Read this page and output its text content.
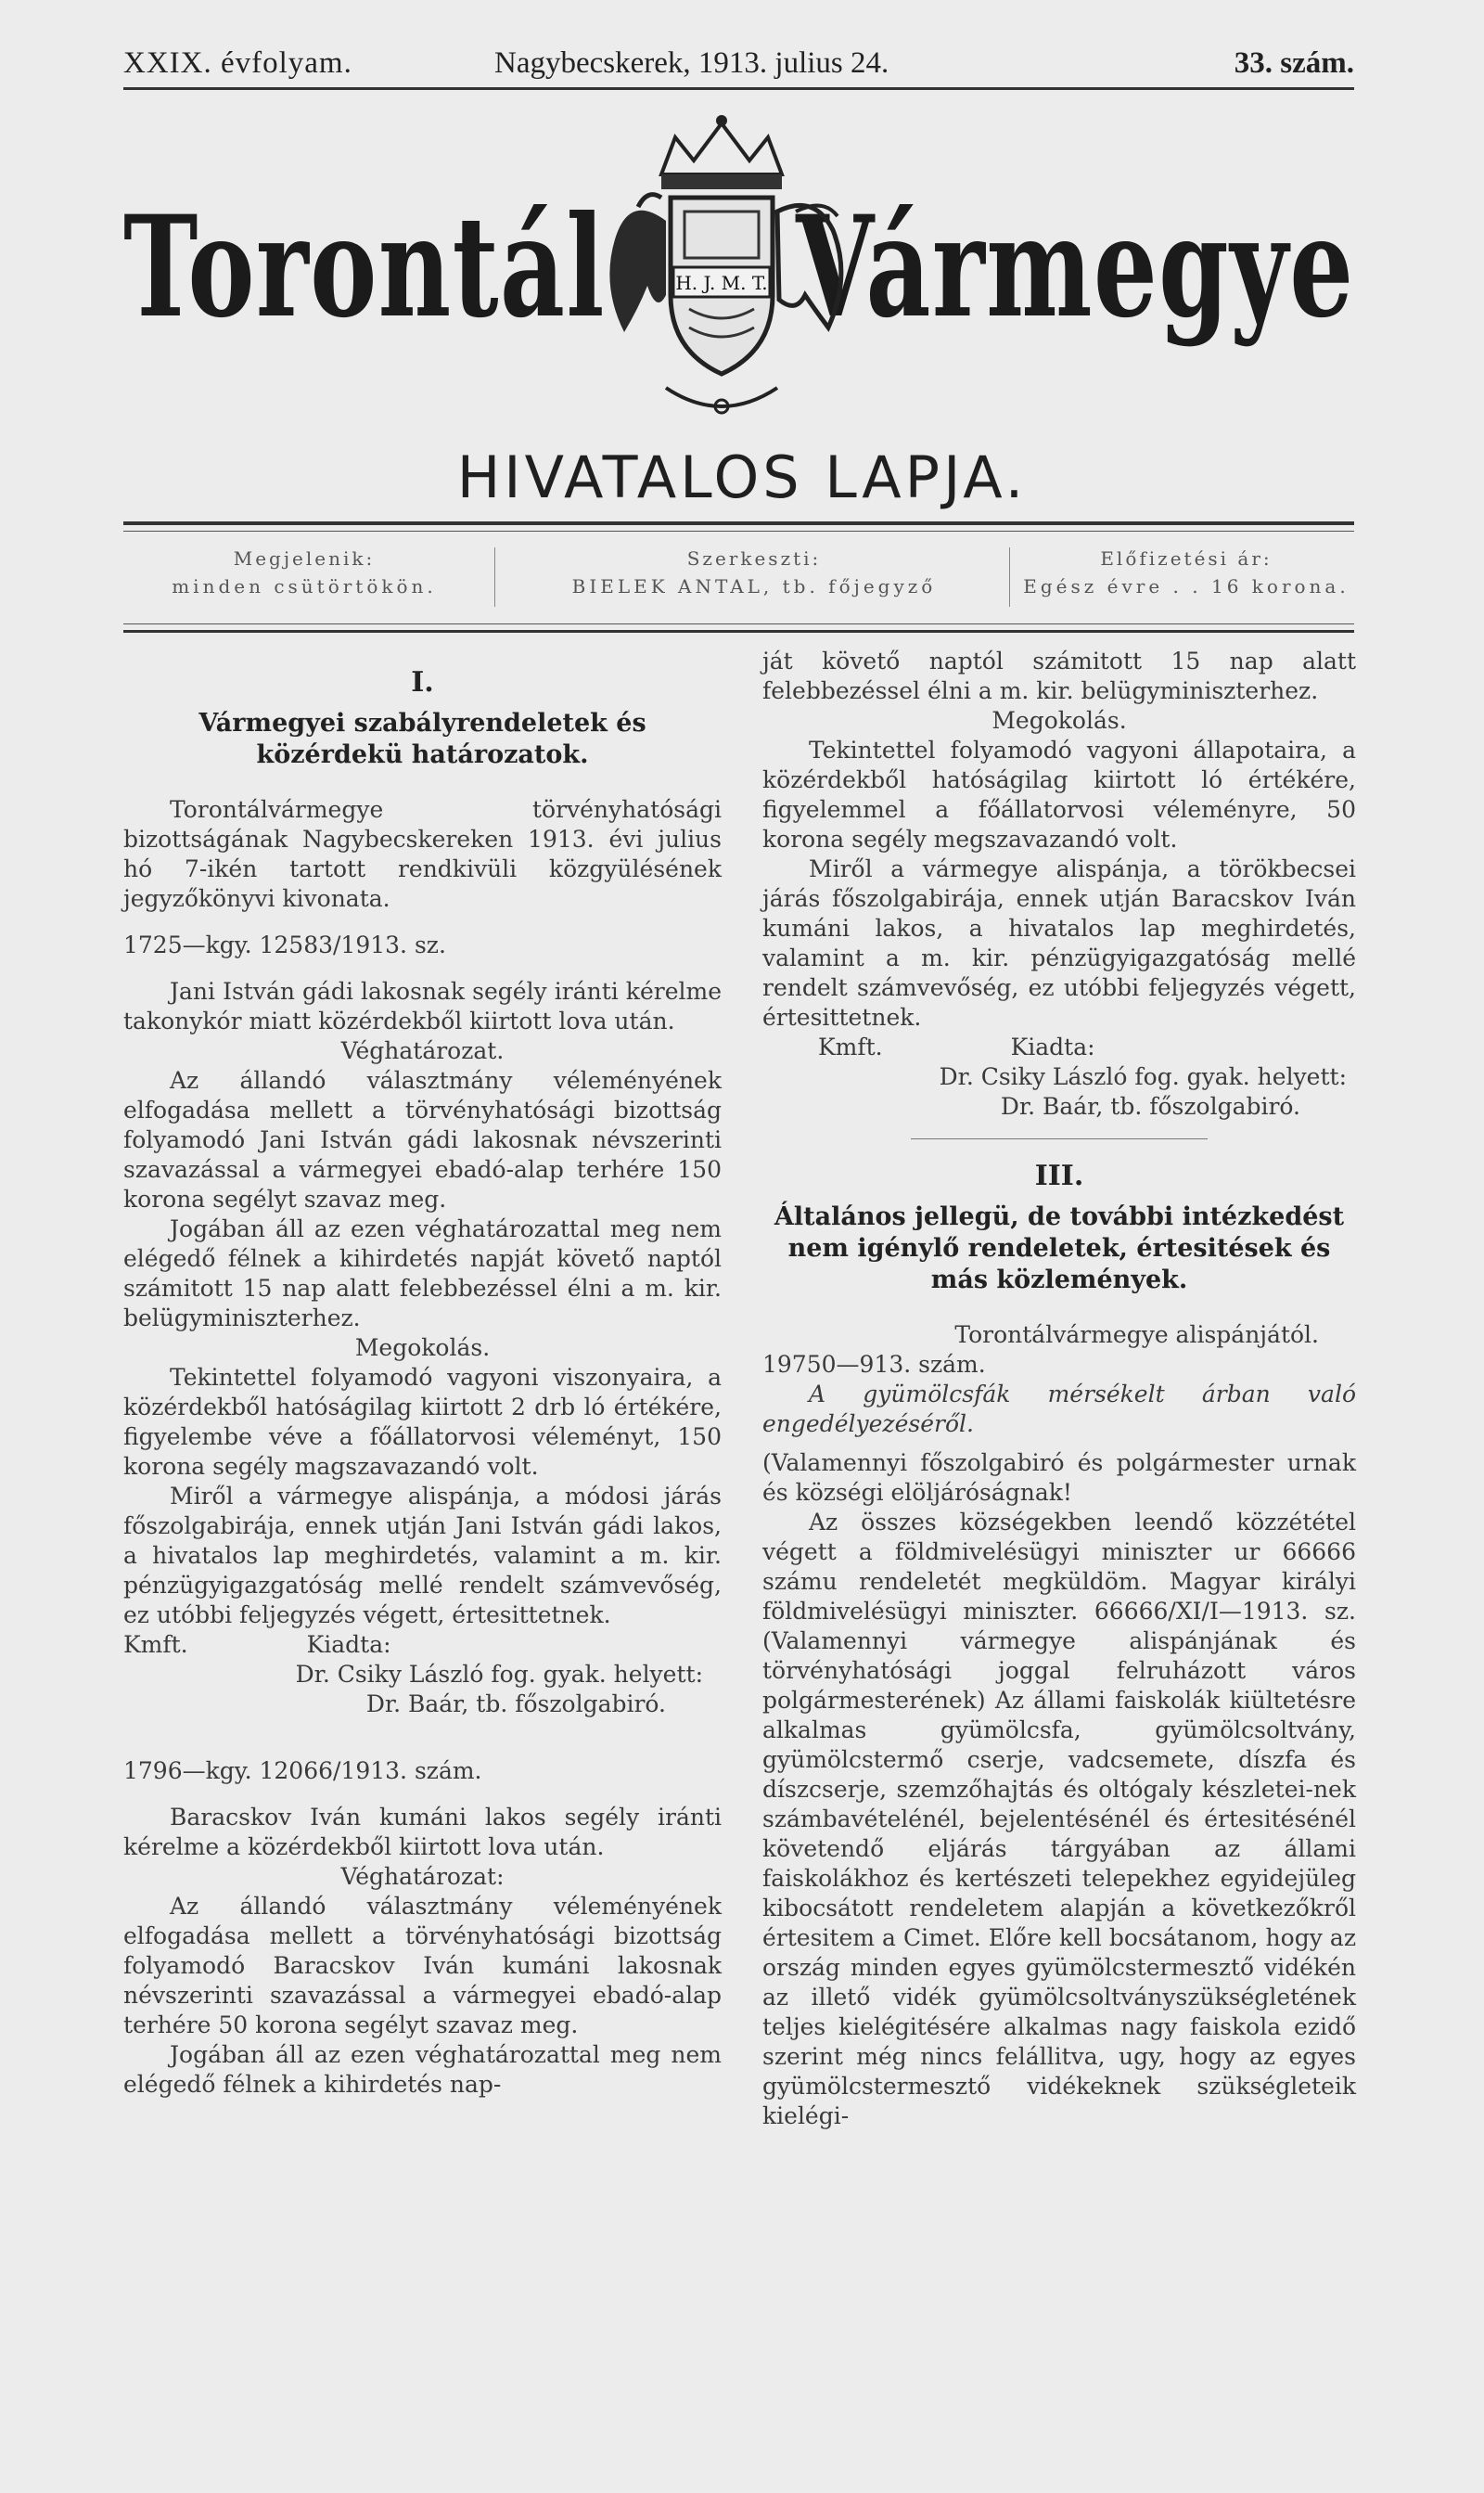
XXIX. évfolyam.	Nagybecskerek, 1913. julius 24.	33. szám.
Torontál Vármegye
H. J. M. T.
HIVATALOS LAPJA.
Megjelenik:
minden csütörtökön.
Szerkeszti:
BIELEK ANTAL, tb. főjegyző
Előfizetési ár:
Egész évre . . 16 korona.

I.

Vármegyei szabályrendeletek és közérdekü határozatok.

Torontálvármegye törvényhatósági bizottságának Nagybecskereken 1913. évi julius hó 7-ikén tartott rendkivüli közgyülésének jegyzőkönyvi kivonata.

1725—kgy. 12583/1913. sz.

Jani István gádi lakosnak segély iránti kérelme takonykór miatt közérdekből kiirtott lova után.

Véghatározat.

Az állandó választmány véleményének elfogadása mellett a törvényhatósági bizottság folyamodó Jani István gádi lakosnak névszerinti szavazással a vármegyei ebadó-alap terhére 150 korona segélyt szavaz meg.

Jogában áll az ezen véghatározattal meg nem elégedő félnek a kihirdetés napját követő naptól számitott 15 nap alatt felebbezéssel élni a m. kir. belügyminiszterhez.

Megokolás.

Tekintettel folyamodó vagyoni viszonyaira, a közérdekből hatóságilag kiirtott 2 drb ló értékére, figyelembe véve a főállatorvosi véleményt, 150 korona segély magszavazandó volt.

Miről a vármegye alispánja, a módosi járás főszolgabirája, ennek utján Jani István gádi lakos, a hivatalos lap meghirdetés, valamint a m. kir. pénzügyigazgatóság mellé rendelt számvevőség, ez utóbbi feljegyzés végett, értesittetnek.

Kmft.	Kiadta:

Dr. Csiky László fog. gyak. helyett:

Dr. Baár, tb. főszolgabiró.

1796—kgy. 12066/1913. szám.

Baracskov Iván kumáni lakos segély iránti kérelme a közérdekből kiirtott lova után.

Véghatározat:

Az állandó választmány véleményének elfogadása mellett a törvényhatósági bizottság folyamodó Baracskov Iván kumáni lakosnak névszerinti szavazással a vármegyei ebadó-alap terhére 50 korona segélyt szavaz meg.

Jogában áll az ezen véghatározattal meg nem elégedő félnek a kihirdetés nap-

ját követő naptól számitott 15 nap alatt felebbezéssel élni a m. kir. belügyminiszterhez.

Megokolás.

Tekintettel folyamodó vagyoni állapotaira, a közérdekből hatóságilag kiirtott ló értékére, figyelemmel a főállatorvosi véleményre, 50 korona segély megszavazandó volt.

Miről a vármegye alispánja, a törökbecsei járás főszolgabirája, ennek utján Baracskov Iván kumáni lakos, a hivatalos lap meghirdetés, valamint a m. kir. pénzügyigazgatóság mellé rendelt számvevőség, ez utóbbi feljegyzés végett, értesittetnek.

Kmft.	Kiadta:

Dr. Csiky László fog. gyak. helyett:

Dr. Baár, tb. főszolgabiró.

III.

Általános jellegü, de további intézkedést nem igénylő rendeletek, értesitések és más közlemények.

Torontálvármegye alispánjától.

19750—913. szám.

A gyümölcsfák mérsékelt árban való engedélyezéséről.

(Valamennyi főszolgabiró és polgármester urnak és községi elöljáróságnak!

Az összes községekben leendő közzététel végett a földmivelésügyi miniszter ur 66666 számu rendeletét megküldöm. Magyar királyi földmivelésügyi miniszter. 66666/XI/I—1913. sz. (Valamennyi vármegye alispánjának és törvényhatósági joggal felruházott város polgármesterének) Az állami faiskolák kiültetésre alkalmas gyümölcsfa, gyümölcsoltvány, gyümölcstermő cserje, vadcsemete, díszfa és díszcserje, szemzőhajtás és oltógaly készletei-nek számbavételénél, bejelentésénél és értesitésénél követendő eljárás tárgyában az állami faiskolákhoz és kertészeti telepekhez egyidejüleg kibocsátott rendeletem alapján a következőkről értesitem a Cimet. Előre kell bocsátanom, hogy az ország minden egyes gyümölcstermesztő vidékén az illető vidék gyümölcsoltványszükségletének teljes kielégitésére alkalmas nagy faiskola ezidő szerint még nincs felállitva, ugy, hogy az egyes gyümölcstermesztő vidékeknek szükségleteik kielégi-
